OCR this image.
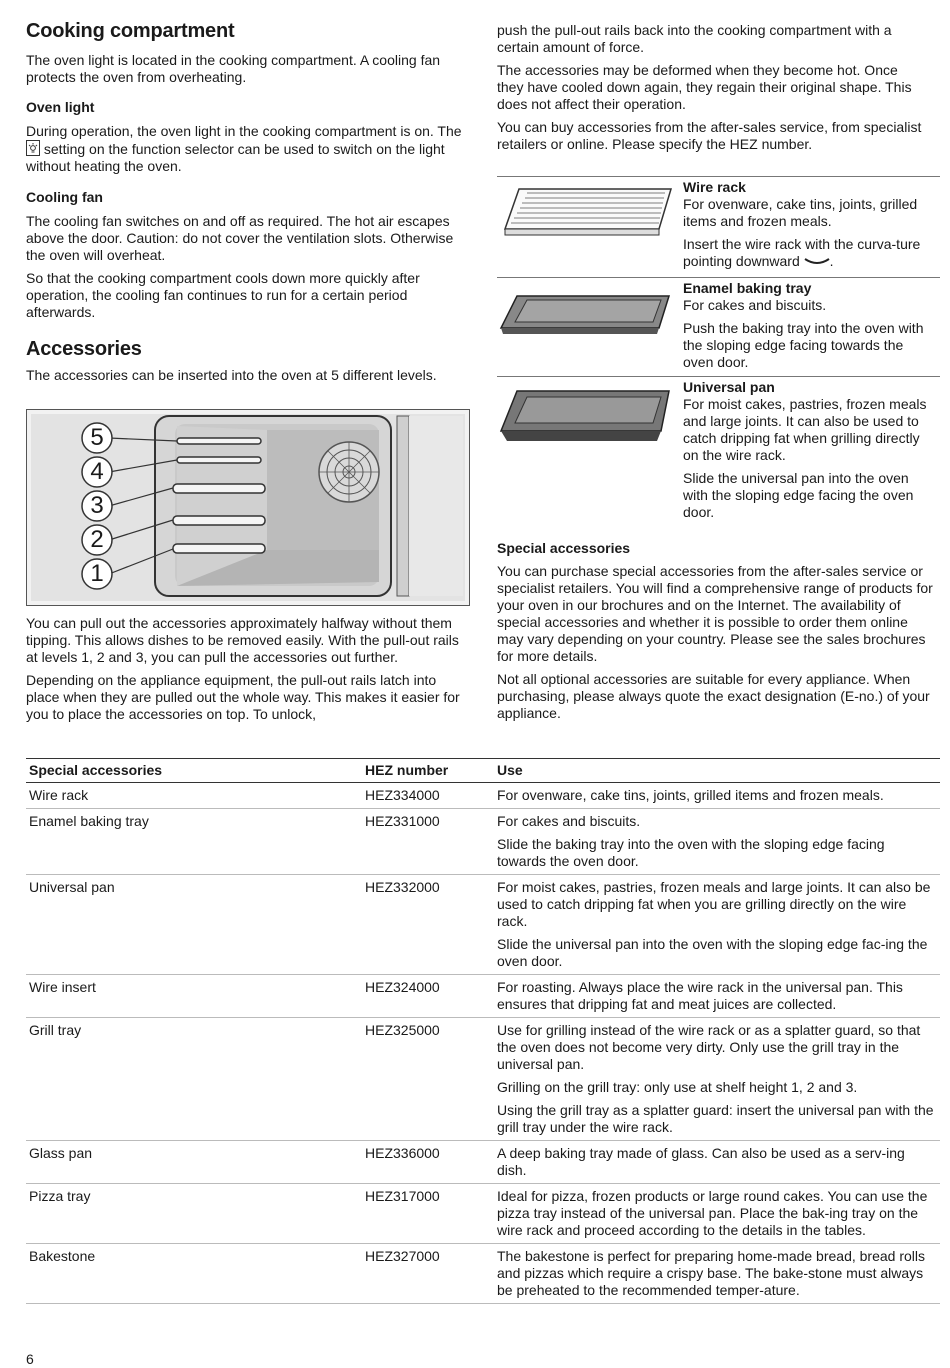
Cooking compartment

The oven light is located in the cooking compartment. A cooling fan protects the oven from overheating.

Oven light

During operation, the oven light in the cooking compartment is on. The
setting on the function selector can be used to switch on the light without heating the oven.

Cooling fan

The cooling fan switches on and off as required. The hot air escapes above the door. Caution: do not cover the ventilation slots. Otherwise the oven will overheat.

So that the cooking compartment cools down more quickly after operation, the cooling fan continues to run for a certain period afterwards.

Accessories

The accessories can be inserted into the oven at 5 different levels.

5
4
3
2
1

You can pull out the accessories approximately halfway without them tipping. This allows dishes to be removed easily. With the pull-out rails at levels 1, 2 and 3, you can pull the accessories out further.

Depending on the appliance equipment, the pull-out rails latch into place when they are pulled out the whole way. This makes it easier for you to place the accessories on top. To unlock,

push the pull-out rails back into the cooking compartment with a certain amount of force.

The accessories may be deformed when they become hot. Once they have cooled down again, they regain their original shape. This does not affect their operation.

You can buy accessories from the after-sales service, from specialist retailers or online. Please specify the HEZ number.

Wire rack

For ovenware, cake tins, joints, grilled items and frozen meals.

Insert the wire rack with the curva-ture pointing downward .

Enamel baking tray

For cakes and biscuits.

Push the baking tray into the oven with the sloping edge facing towards the oven door.

Universal pan

For moist cakes, pastries, frozen meals and large joints. It can also be used to catch dripping fat when grilling directly on the wire rack.

Slide the universal pan into the oven with the sloping edge facing the oven door.

Special accessories

You can purchase special accessories from the after-sales service or specialist retailers. You will find a comprehensive range of products for your oven in our brochures and on the Internet. The availability of special accessories and whether it is possible to order them online may vary depending on your country. Please see the sales brochures for more details.

Not all optional accessories are suitable for every appliance. When purchasing, please always quote the exact designation (E-no.) of your appliance.

Special accessories	HEZ number	Use
Wire rack	HEZ334000	For ovenware, cake tins, joints, grilled items and frozen meals.

Enamel baking tray	HEZ331000	For cakes and biscuits.

Slide the baking tray into the oven with the sloping edge facing towards the oven door.

Universal pan	HEZ332000	For moist cakes, pastries, frozen meals and large joints. It can also be used to catch dripping fat when you are grilling directly on the wire rack.

Slide the universal pan into the oven with the sloping edge fac-ing the oven door.

Wire insert	HEZ324000	For roasting. Always place the wire rack in the universal pan. This ensures that dripping fat and meat juices are collected.

Grill tray	HEZ325000	Use for grilling instead of the wire rack or as a splatter guard, so that the oven does not become very dirty. Only use the grill tray in the universal pan.

Grilling on the grill tray: only use at shelf height 1, 2 and 3.

Using the grill tray as a splatter guard: insert the universal pan with the grill tray under the wire rack.

Glass pan	HEZ336000	A deep baking tray made of glass. Can also be used as a serv-ing dish.

Pizza tray	HEZ317000	Ideal for pizza, frozen products or large round cakes. You can use the pizza tray instead of the universal pan. Place the bak-ing tray on the wire rack and proceed according to the details in the tables.

Bakestone	HEZ327000	The bakestone is perfect for preparing home-made bread, bread rolls and pizzas which require a crispy base. The bake-stone must always be preheated to the recommended temper-ature.

6
